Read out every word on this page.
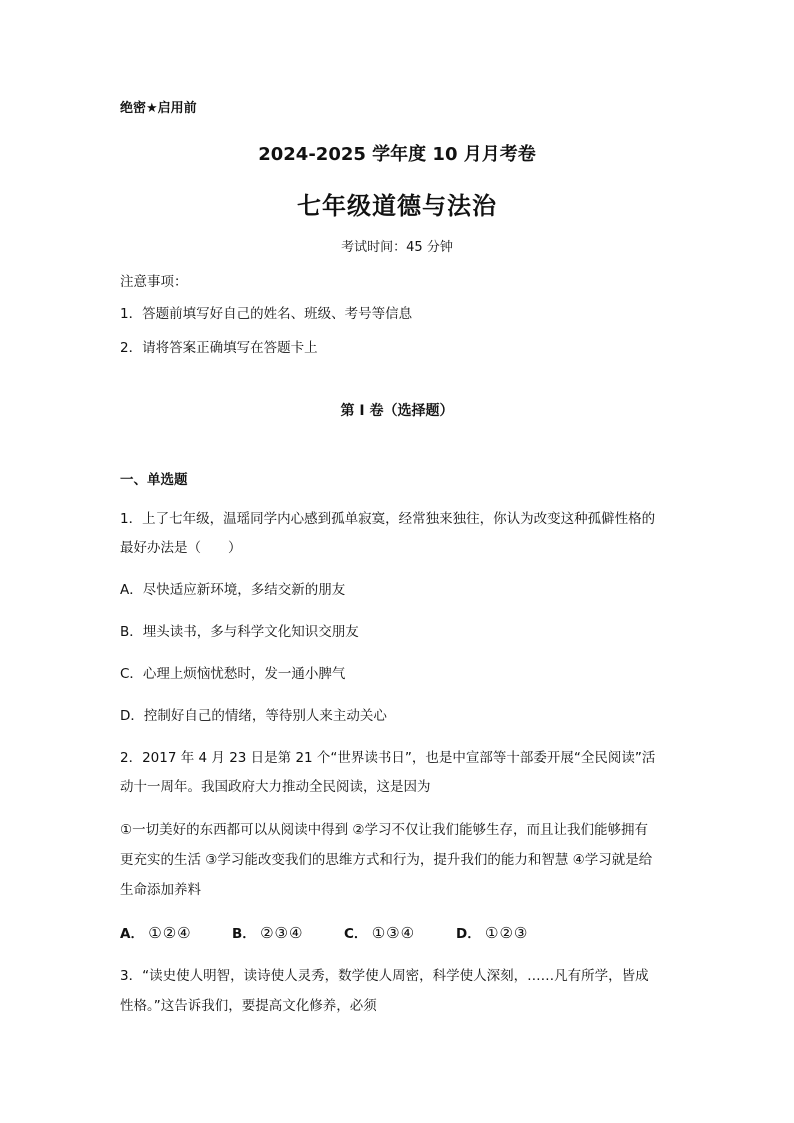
绝密★启用前
2024-2025 学年度 10 月月考卷
七年级道德与法治
考试时间：45 分钟
注意事项：
1．答题前填写好自己的姓名、班级、考号等信息
2．请将答案正确填写在答题卡上
第 I 卷（选择题）
一、单选题
1．上了七年级，温瑶同学内心感到孤单寂寞，经常独来独往，你认为改变这种孤僻性格的
最好办法是（　　）
A．尽快适应新环境，多结交新的朋友
B．埋头读书，多与科学文化知识交朋友
C．心理上烦恼忧愁时，发一通小脾气
D．控制好自己的情绪，等待别人来主动关心
2．2017 年 4 月 23 日是第 21 个“世界读书日”，也是中宣部等十部委开展“全民阅读”活
动十一周年。我国政府大力推动全民阅读，这是因为
①一切美好的东西都可以从阅读中得到 ②学习不仅让我们能够生存，而且让我们能够拥有
更充实的生活 ③学习能改变我们的思维方式和行为，提升我们的能力和智慧 ④学习就是给
生命添加养料
A． ①②④	B． ②③④	C． ①③④	D． ①②③
3．“读史使人明智，读诗使人灵秀，数学使人周密，科学使人深刻，……凡有所学，皆成
性格。”这告诉我们，要提高文化修养，必须
